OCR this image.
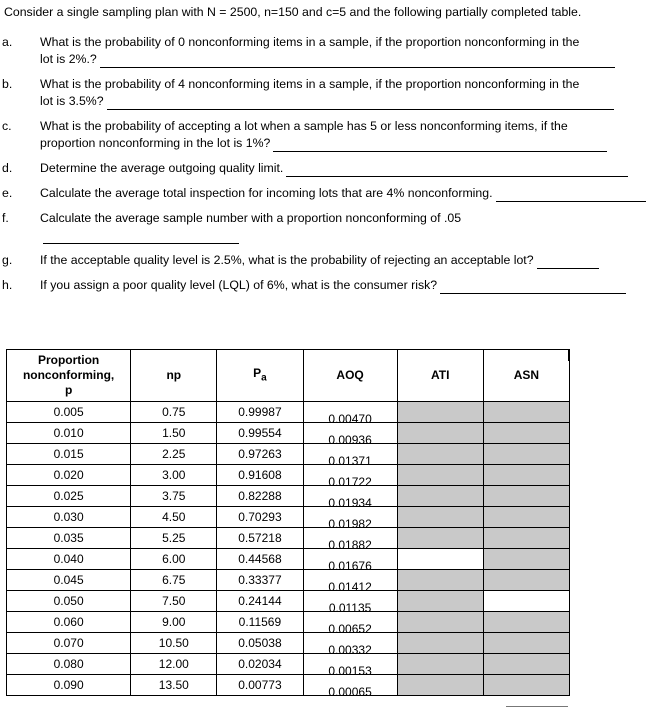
Consider a single sampling plan with N = 2500, n=150 and c=5 and the following partially completed table.
a.	What is the probability of 0 nonconforming items in a sample, if the proportion nonconforming in the
lot is 2%.?
b.	What is the probability of 4 nonconforming items in a sample, if the proportion nonconforming in the
lot is 3.5%?
c.	What is the probability of accepting a lot when a sample has 5 or less nonconforming items, if the
proportion nonconforming in the lot is 1%?
d.	Determine the average outgoing quality limit.
e.	Calculate the average total inspection for incoming lots that are 4% nonconforming.
f.	Calculate the average sample number with a proportion nonconforming of .05
g.	If the acceptable quality level is 2.5%, what is the probability of rejecting an acceptable lot?
h.	If you assign a poor quality level (LQL) of 6%, what is the consumer risk?
Proportion
nonconforming,
p	np	$P_a$	AOQ	ATI	ASN
0.005	0.75	0.99987	0.00470		
0.010	1.50	0.99554	0.00936		
0.015	2.25	0.97263	0.01371		
0.020	3.00	0.91608	0.01722		
0.025	3.75	0.82288	0.01934		
0.030	4.50	0.70293	0.01982		
0.035	5.25	0.57218	0.01882		
0.040	6.00	0.44568	0.01676		
0.045	6.75	0.33377	0.01412		
0.050	7.50	0.24144	0.01135		
0.060	9.00	0.11569	0.00652		
0.070	10.50	0.05038	0.00332		
0.080	12.00	0.02034	0.00153		
0.090	13.50	0.00773	0.00065		
